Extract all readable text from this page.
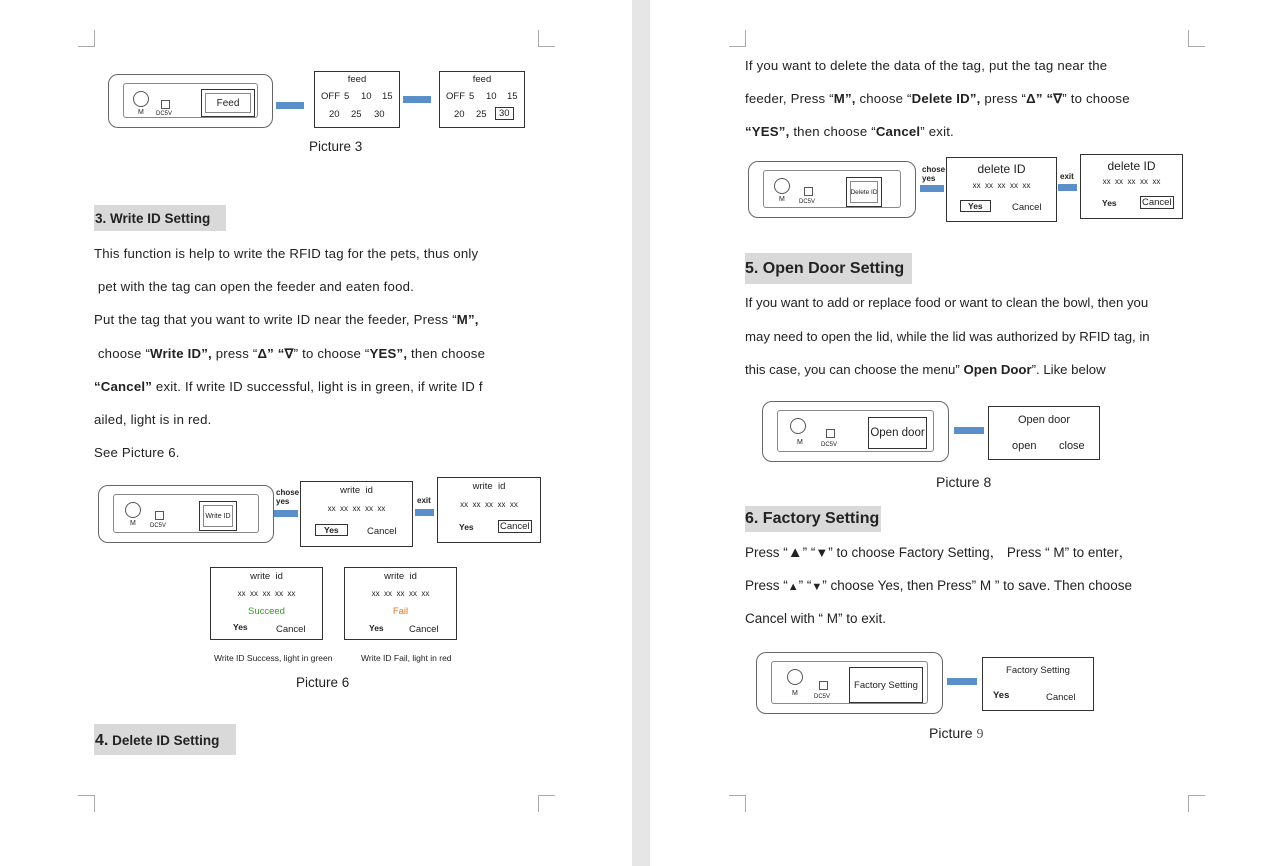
M DC5V
Feed
feed
OFF 5 10 15
20 25 30
feed
OFF 5 10 15
20 25	30
Picture 3
3. Write ID Setting
This function is help to write the RFID tag for the pets, thus only
pet with the tag can open the feeder and eaten food.
Put the tag that you want to write ID near the feeder, Press “M”,
choose “Write ID”, press “Δ” “∇” to choose “YES”, then choose
“Cancel” exit. If write ID successful, light is in green, if write ID f
ailed, light is in red.
See Picture 6.
M DC5V
Write ID
chose
yes
write  id
xx  xx  xx  xx  xx
Yes	Cancel
exit
write  id
xx  xx  xx  xx  xx
Yes	Cancel
write  id
xx  xx  xx  xx  xx
Succeed
Yes	Cancel
write  id
xx  xx  xx  xx  xx
Fail
Yes	Cancel
Write ID Success, light in green	Write ID Fail, light in red
Picture 6
4. Delete ID Setting
If you want to delete the data of the tag, put the tag near the
feeder, Press “M”, choose “Delete ID”, press “Δ” “∇” to choose
“YES”, then choose “Cancel” exit.
M DC5V
Delete ID
chose
yes
delete ID
xx  xx  xx  xx  xx
Yes	Cancel
exit
delete ID
xx  xx  xx  xx  xx
Yes	Cancel
5. Open Door Setting
If you want to add or replace food or want to clean the bowl, then you
may need to open the lid, while the lid was authorized by RFID tag, in
this case, you can choose the menu” Open Door”. Like below
M	DC5V
Open door
Open door
open close
Picture 8
6. Factory Setting
Press “▲” “▼” to choose Factory Setting， Press “ M” to enter，
Press “▲” “▼” choose Yes, then Press” M ” to save. Then choose
Cancel with “ M” to exit.
M	DC5V
Factory Setting
Factory Setting
Yes	Cancel
Picture 9
